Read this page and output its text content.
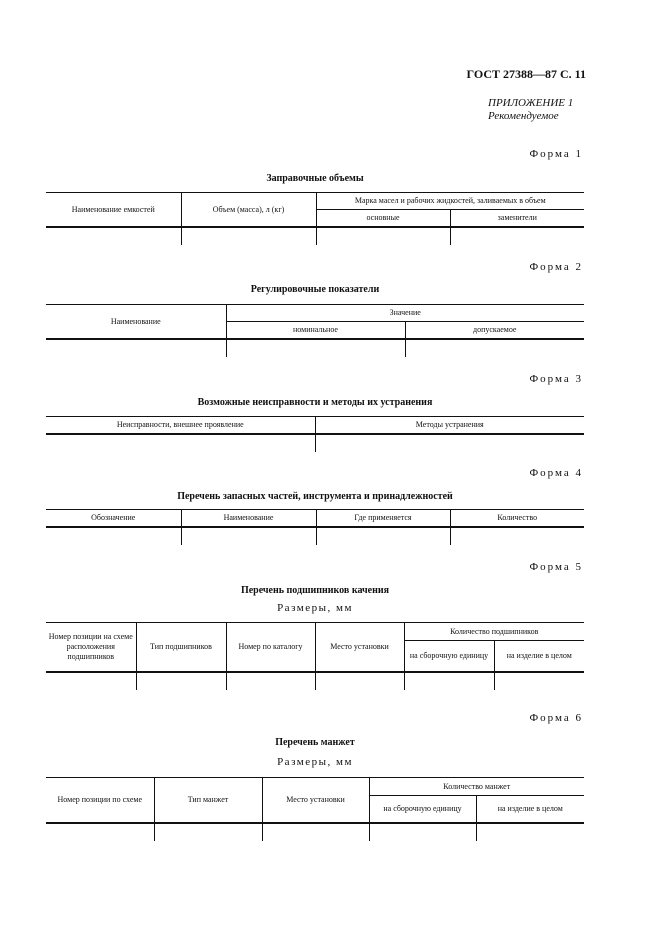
ГОСТ 27388—87 С. 11
ПРИЛОЖЕНИЕ 1
Рекомендуемое
Форма 1
Заправочные объемы
Наименование емкостей	Объем (масса), л (кг)	Марка масел и рабочих жидкостей, заливаемых в объем	
		основные	заменители

Форма 2
Регулировочные показатели
Наименование	Значение	
	номинальное	допускаемое

Форма 3
Возможные неисправности и методы их устранения
Неисправности, внешнее проявление	Методы устранения

Форма 4
Перечень запасных частей, инструмента и принадлежностей
Обозначение	Наименование	Где применяется	Количество

Форма 5
Перечень подшипников качения
Размеры, мм
Номер позиции на схеме расположения подшипников	Тип подшипников	Номер по каталогу	Место установки	Количество подшипников	
				на сборочную единицу	на изделие в целом

Форма 6
Перечень манжет
Размеры, мм
Номер позиции по схеме	Тип манжет	Место установки	Количество манжет	
			на сборочную единицу	на изделие в целом
